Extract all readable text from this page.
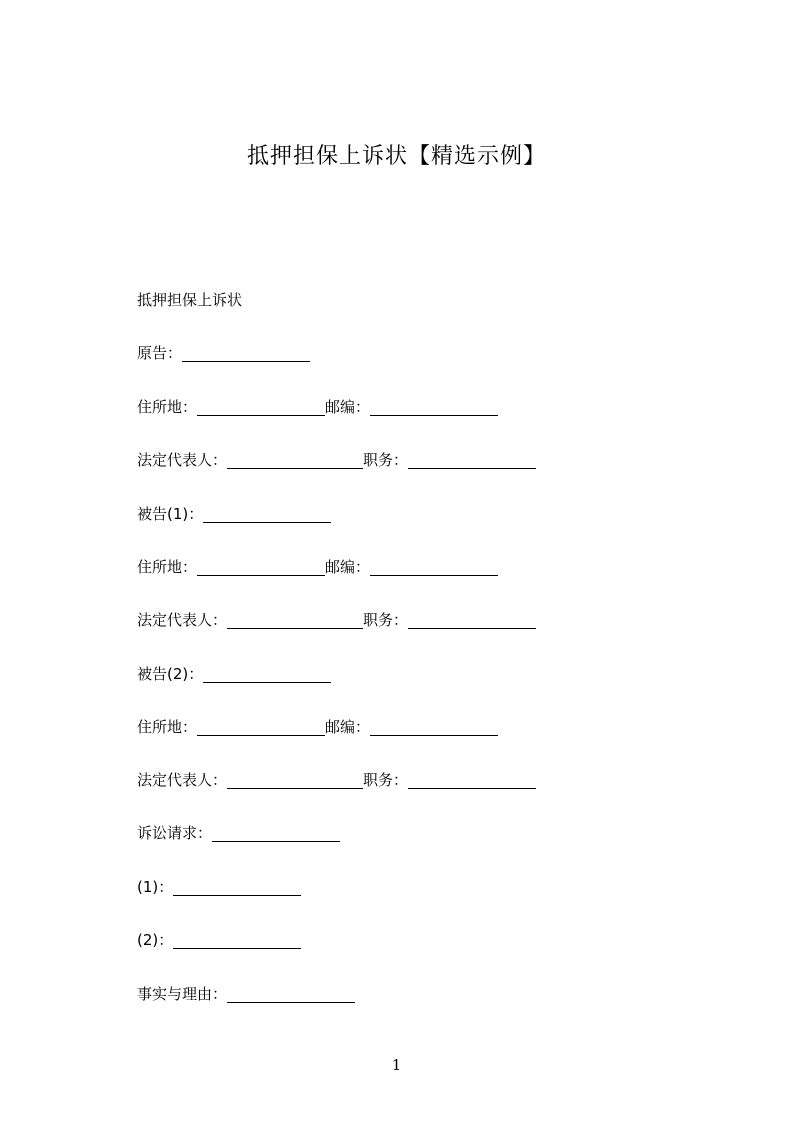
抵押担保上诉状【精选示例】
抵押担保上诉状
原告：
住所地：	邮编：
法定代表人：	职务：
被告(1)：
住所地：	邮编：
法定代表人：	职务：
被告(2)：
住所地：	邮编：
法定代表人：	职务：
诉讼请求：
(1)：
(2)：
事实与理由：
1
